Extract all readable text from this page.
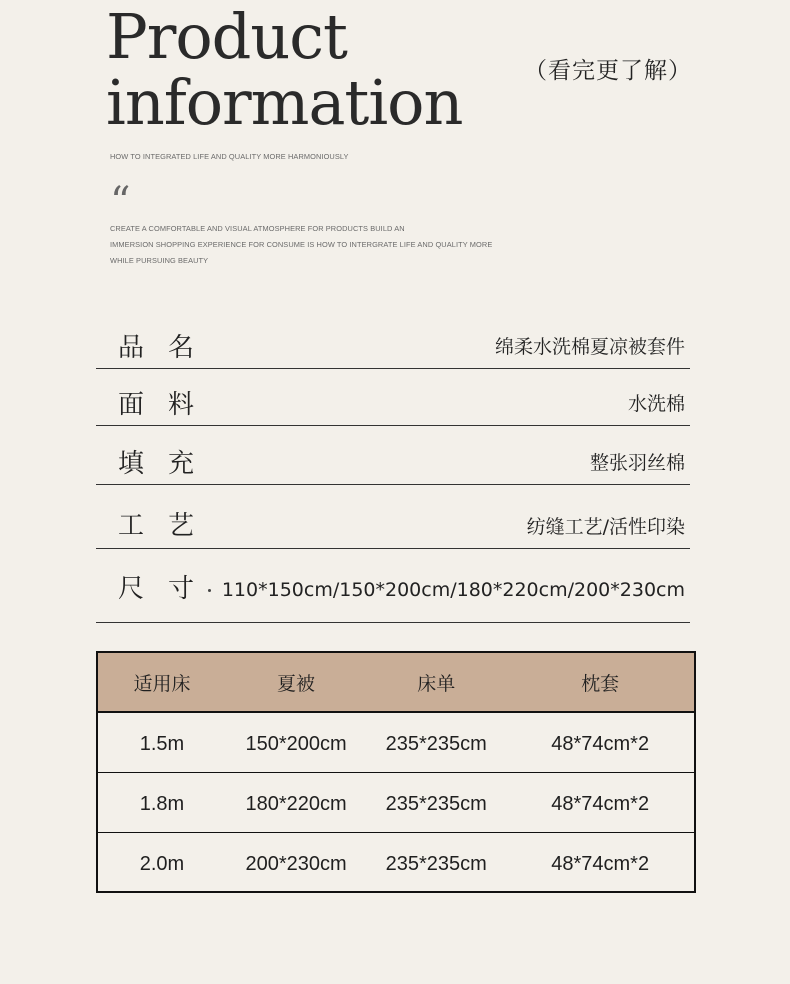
Product
information	（看完更了解）
HOW TO INTEGRATED LIFE AND QUALITY MORE HARMONIOUSLY
“
CREATE A COMFORTABLE AND VISUAL ATMOSPHERE FOR PRODUCTS BUILD AN
IMMERSION SHOPPING EXPERIENCE FOR CONSUME IS HOW TO INTERGRATE LIFE AND QUALITY MORE
WHILE PURSUING BEAUTY
品 名	绵柔水洗棉夏凉被套件
面 料	水洗棉
填 充	整张羽丝棉
工 艺	纺缝工艺/活性印染
尺 寸 110*150cm/150*200cm/180*220cm/200*230cm
适用床	夏被	床单	枕套
1.5m	150*200cm	235*235cm	48*74cm*2
1.8m	180*220cm	235*235cm	48*74cm*2
2.0m	200*230cm	235*235cm	48*74cm*2
